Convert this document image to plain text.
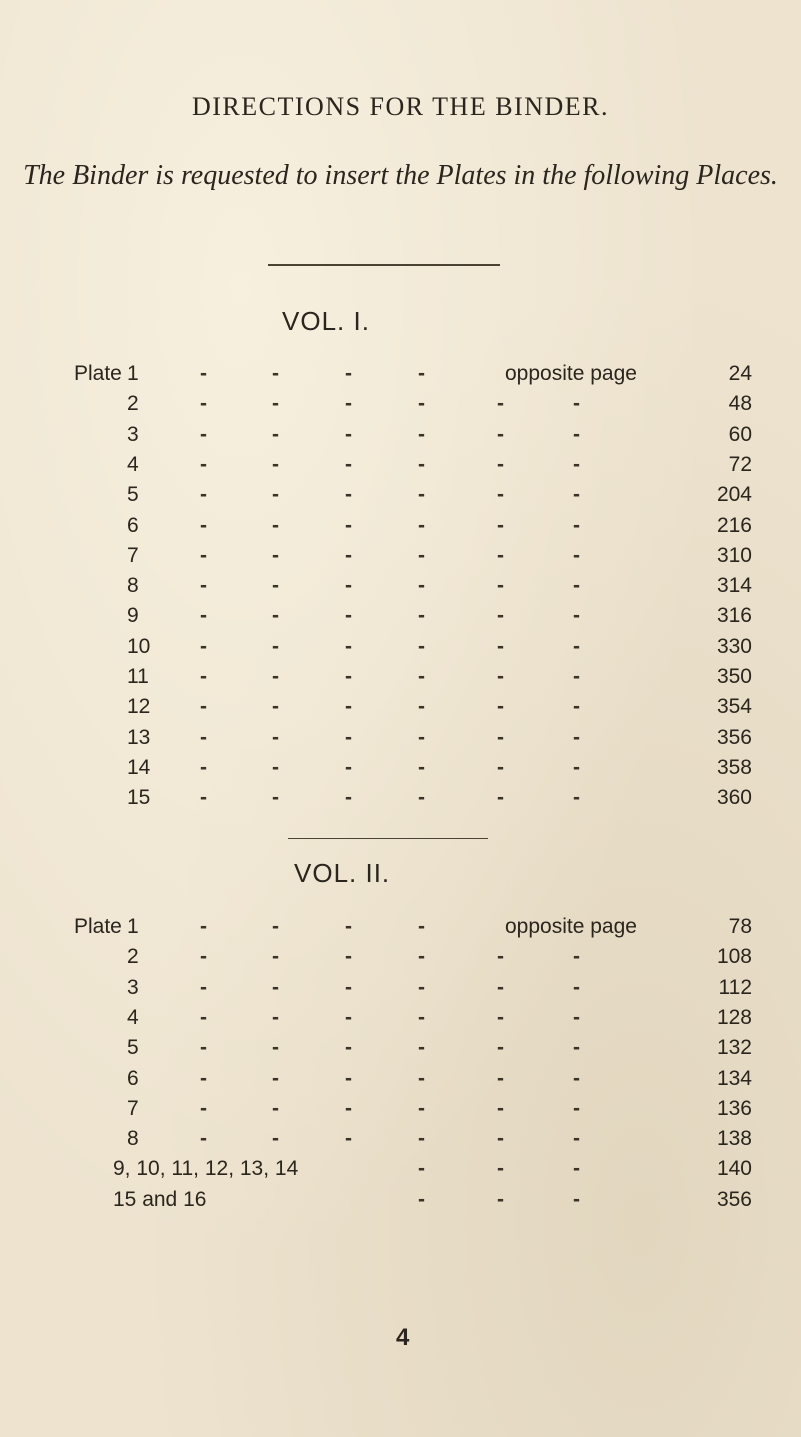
DIRECTIONS FOR THE BINDER.
The Binder is requested to insert the Plates in the following Places.
VOL. I.
Plate 1	-	-	-	-	opposite page	24
2	-	-	-	-	-	-	48
3	-	-	-	-	-	-	60
4	-	-	-	-	-	-	72
5	-	-	-	-	-	-	204
6	-	-	-	-	-	-	216
7	-	-	-	-	-	-	310
8	-	-	-	-	-	-	314
9	-	-	-	-	-	-	316
10 -	-	-	-	-	-	330
11 -	-	-	-	-	-	350
12 -	-	-	-	-	-	354
13 -	-	-	-	-	-	356
14 -	-	-	-	-	-	358
15 -	-	-	-	-	-	360
VOL. II.
Plate 1	-	-	-	-	opposite page	78
2	-	-	-	-	-	-	108
3	-	-	-	-	-	-	112
4	-	-	-	-	-	-	128
5	-	-	-	-	-	-	132
6	-	-	-	-	-	-	134
7	-	-	-	-	-	-	136
8	-	-	-	-	-	-	138
9, 10, 11, 12, 13, 14	-	-	-	140
15 and 16	-	-	-	356
4
